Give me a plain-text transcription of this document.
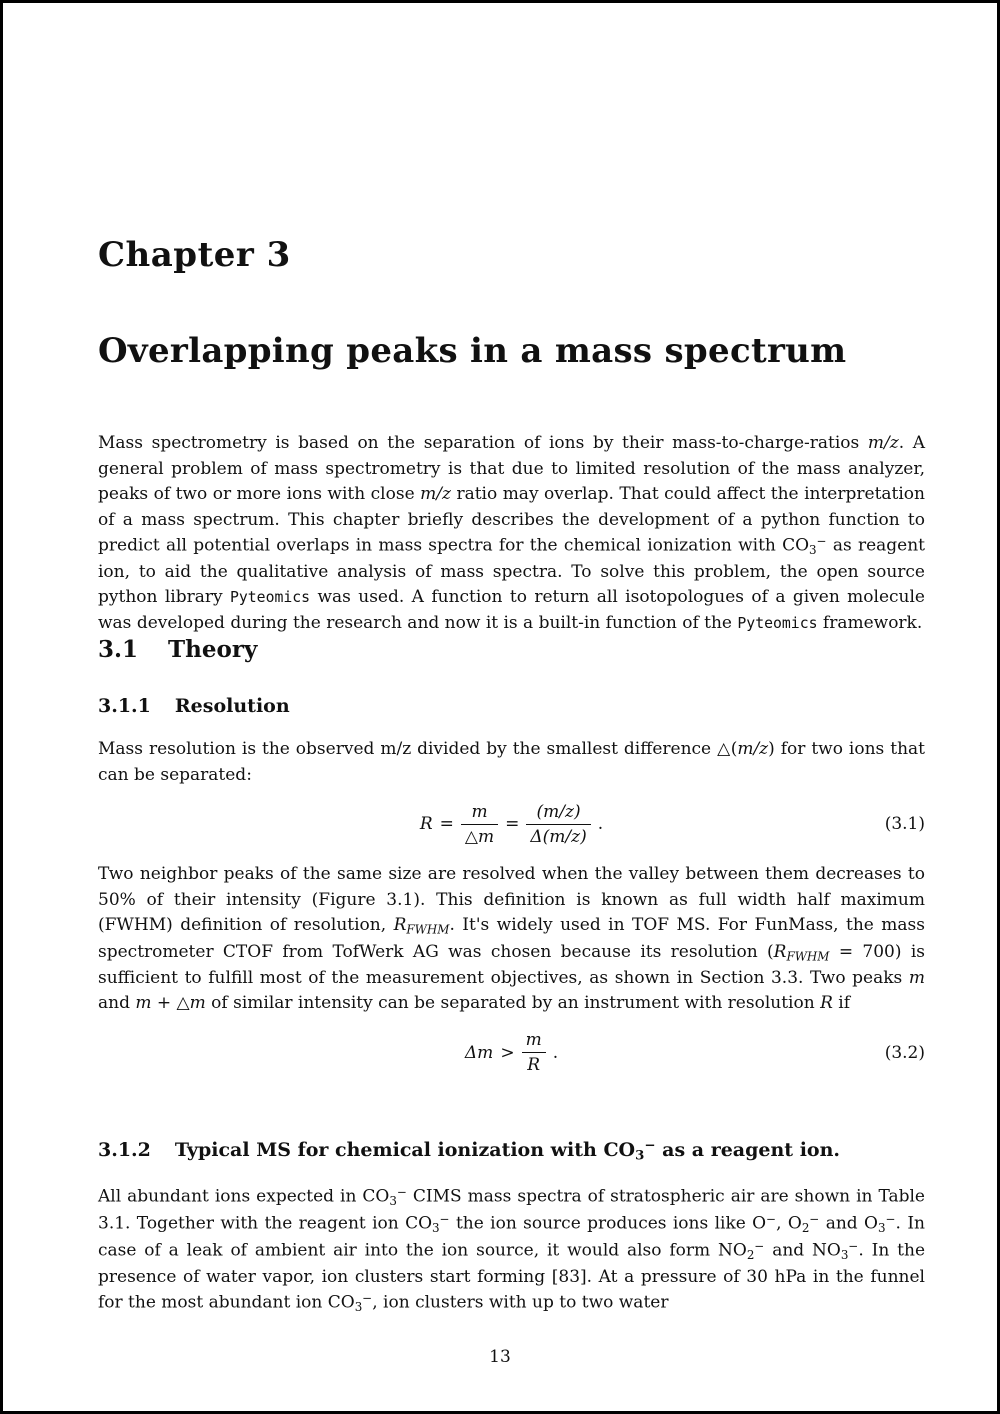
Chapter 3
Overlapping peaks in a mass spectrum

Mass spectrometry is based on the separation of ions by their mass-to-charge-ratios m/z. A general problem of mass spectrometry is that due to limited resolution of the mass analyzer, peaks of two or more ions with close m/z ratio may overlap. That could affect the interpretation of a mass spectrum. This chapter briefly describes the development of a python function to predict all potential overlaps in mass spectra for the chemical ionization with $CO_3^-$ as reagent ion, to aid the qualitative analysis of mass spectra. To solve this problem, the open source python library Pyteomics was used. A function to return all isotopologues of a given molecule was developed during the research and now it is a built-in function of the Pyteomics framework.

3.1 Theory
3.1.1 Resolution

Mass resolution is the observed m/z divided by the smallest difference △(m/z) for two ions that can be separated:

$R = \frac{m}{\triangle m} = \frac{(m/z)}{\Delta(m/z)}$ .	(3.1)

Two neighbor peaks of the same size are resolved when the valley between them decreases to 50% of their intensity (Figure 3.1). This definition is known as full width half maximum (FWHM) definition of resolution, RFWHM. It's widely used in TOF MS. For FunMass, the mass spectrometer CTOF from TofWerk AG was chosen because its resolution (RFWHM = 700) is sufficient to fulfill most of the measurement objectives, as shown in Section 3.3. Two peaks m and m + △m of similar intensity can be separated by an instrument with resolution R if

$\Delta m > \frac{m}{R}$ .	(3.2)
3.1.2 Typical MS for chemical ionization with $CO_3^-$ as a reagent ion.

All abundant ions expected in $CO_3^-$ CIMS mass spectra of stratospheric air are shown in Table 3.1. Together with the reagent ion $CO_3^-$ the ion source produces ions like O−, $O_2^-$ and $O_3^-$. In case of a leak of ambient air into the ion source, it would also form $NO_2^-$ and $NO_3^-$. In the presence of water vapor, ion clusters start forming [83]. At a pressure of 30 hPa in the funnel for the most abundant ion $CO_3^-$, ion clusters with up to two water

13
